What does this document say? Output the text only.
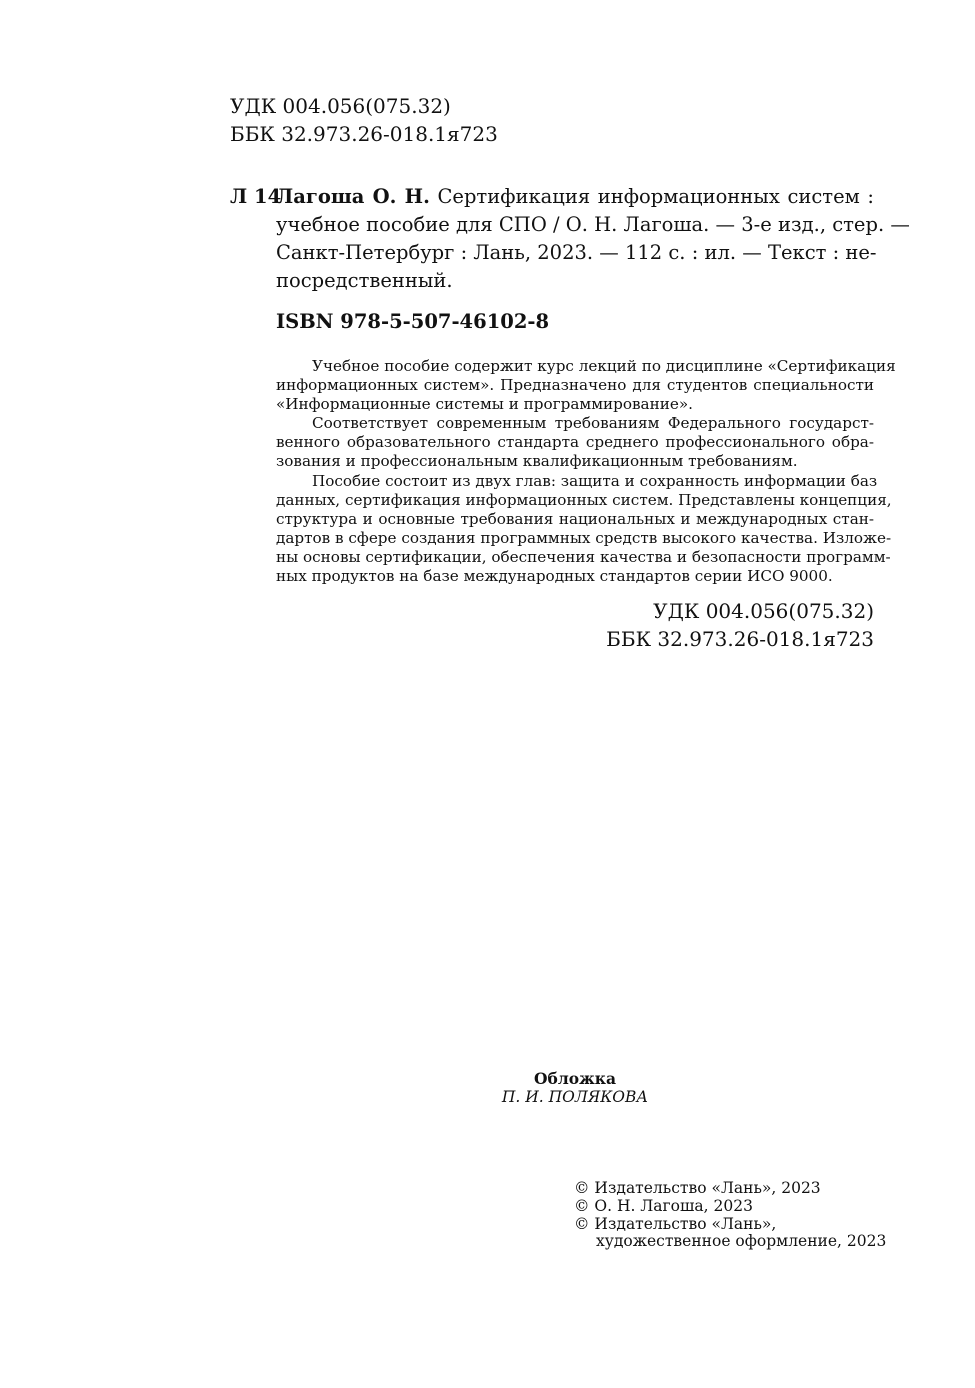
УДК 004.056(075.32)
ББК 32.973.26-018.1я723
Л 14
Лагоша О. Н. Сертификация информационных систем :
учебное пособие для СПО / О. Н. Лагоша. — 3-е изд., стер. —
Санкт-Петербург : Лань, 2023. — 112 с. : ил. — Текст : не-
посредственный.
ISBN 978-5-507-46102-8
Учебное пособие содержит курс лекций по дисциплине «Сертификация
информационных систем». Предназначено для студентов специальности
«Информационные системы и программирование».
Соответствует современным требованиям Федерального государст-
венного образовательного стандарта среднего профессионального обра-
зования и профессиональным квалификационным требованиям.
Пособие состоит из двух глав: защита и сохранность информации баз
данных, сертификация информационных систем. Представлены концепция,
структура и основные требования национальных и международных стан-
дартов в сфере создания программных средств высокого качества. Изложе-
ны основы сертификации, обеспечения качества и безопасности программ-
ных продуктов на базе международных стандартов серии ИСО 9000.
УДК 004.056(075.32)
ББК 32.973.26-018.1я723
Обложка
П. И. ПОЛЯКОВА
© Издательство «Лань», 2023
© О. Н. Лагоша, 2023
© Издательство «Лань»,
художественное оформление, 2023
